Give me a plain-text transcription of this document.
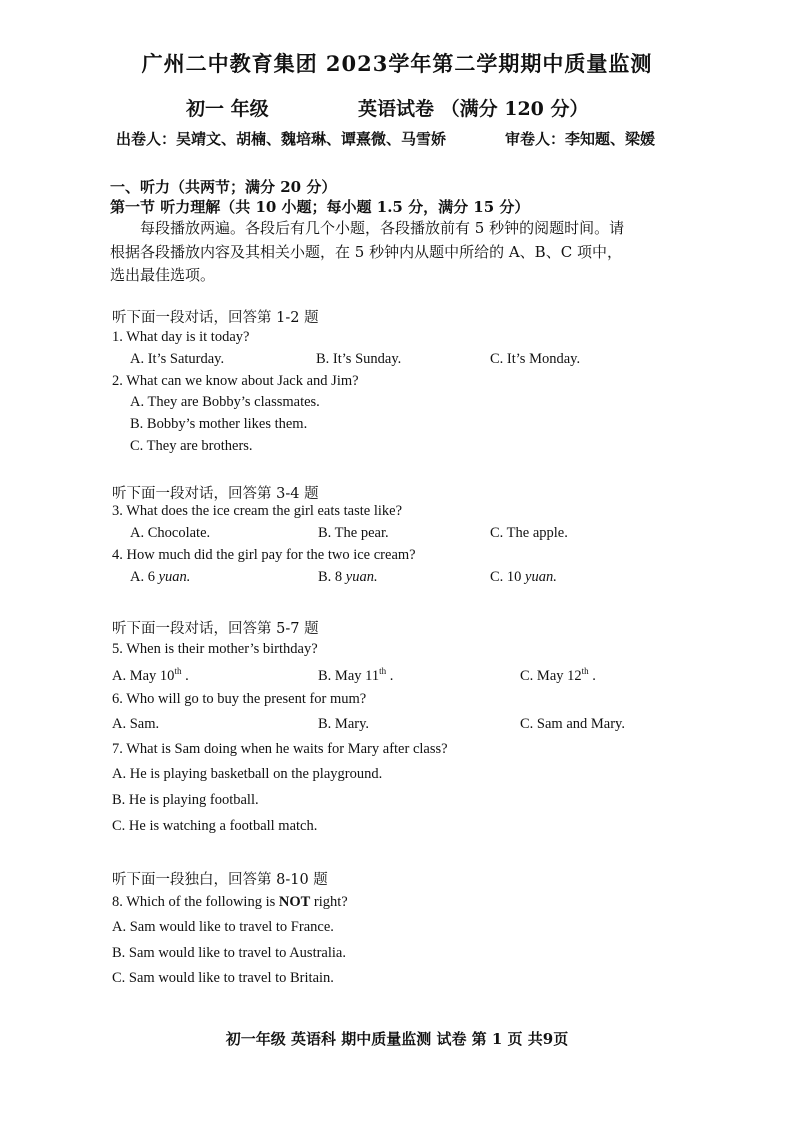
广州二中教育集团 2023学年第二学期期中质量监测
初一 年级	英语试卷 （满分 120 分）
出卷人：吴靖文、胡楠、魏培琳、谭熹微、马雪娇	审卷人：李知题、梁媛
一、听力（共两节；满分 20 分）
第一节 听力理解（共 10 小题；每小题 1.5 分，满分 15 分）
每段播放两遍。各段后有几个小题，各段播放前有 5 秒钟的阅题时间。请
根据各段播放内容及其相关小题，在 5 秒钟内从题中所给的 A、B、C 项中，
选出最佳选项。
听下面一段对话，回答第 1-2 题
1. What day is it today?
A. It’s Saturday.	B. It’s Sunday.	C. It’s Monday.
2. What can we know about Jack and Jim?
A. They are Bobby’s classmates.
B. Bobby’s mother likes them.
C. They are brothers.
听下面一段对话，回答第 3-4 题
3. What does the ice cream the girl eats taste like?
A. Chocolate.	B. The pear.	C. The apple.
4. How much did the girl pay for the two ice cream?
A. 6 yuan.	B. 8 yuan.	C. 10 yuan.
听下面一段对话，回答第 5-7 题
5. When is their mother’s birthday?
A. May 10th .	B. May 11th .	C. May 12th .
6. Who will go to buy the present for mum?
A. Sam.	B. Mary.	C. Sam and Mary.
7. What is Sam doing when he waits for Mary after class?
A. He is playing basketball on the playground.
B. He is playing football.
C. He is watching a football match.
听下面一段独白，回答第 8-10 题
8. Which of the following is NOT right?
A. Sam would like to travel to France.
B. Sam would like to travel to Australia.
C. Sam would like to travel to Britain.
初一年级 英语科 期中质量监测 试卷 第 1 页 共9页
